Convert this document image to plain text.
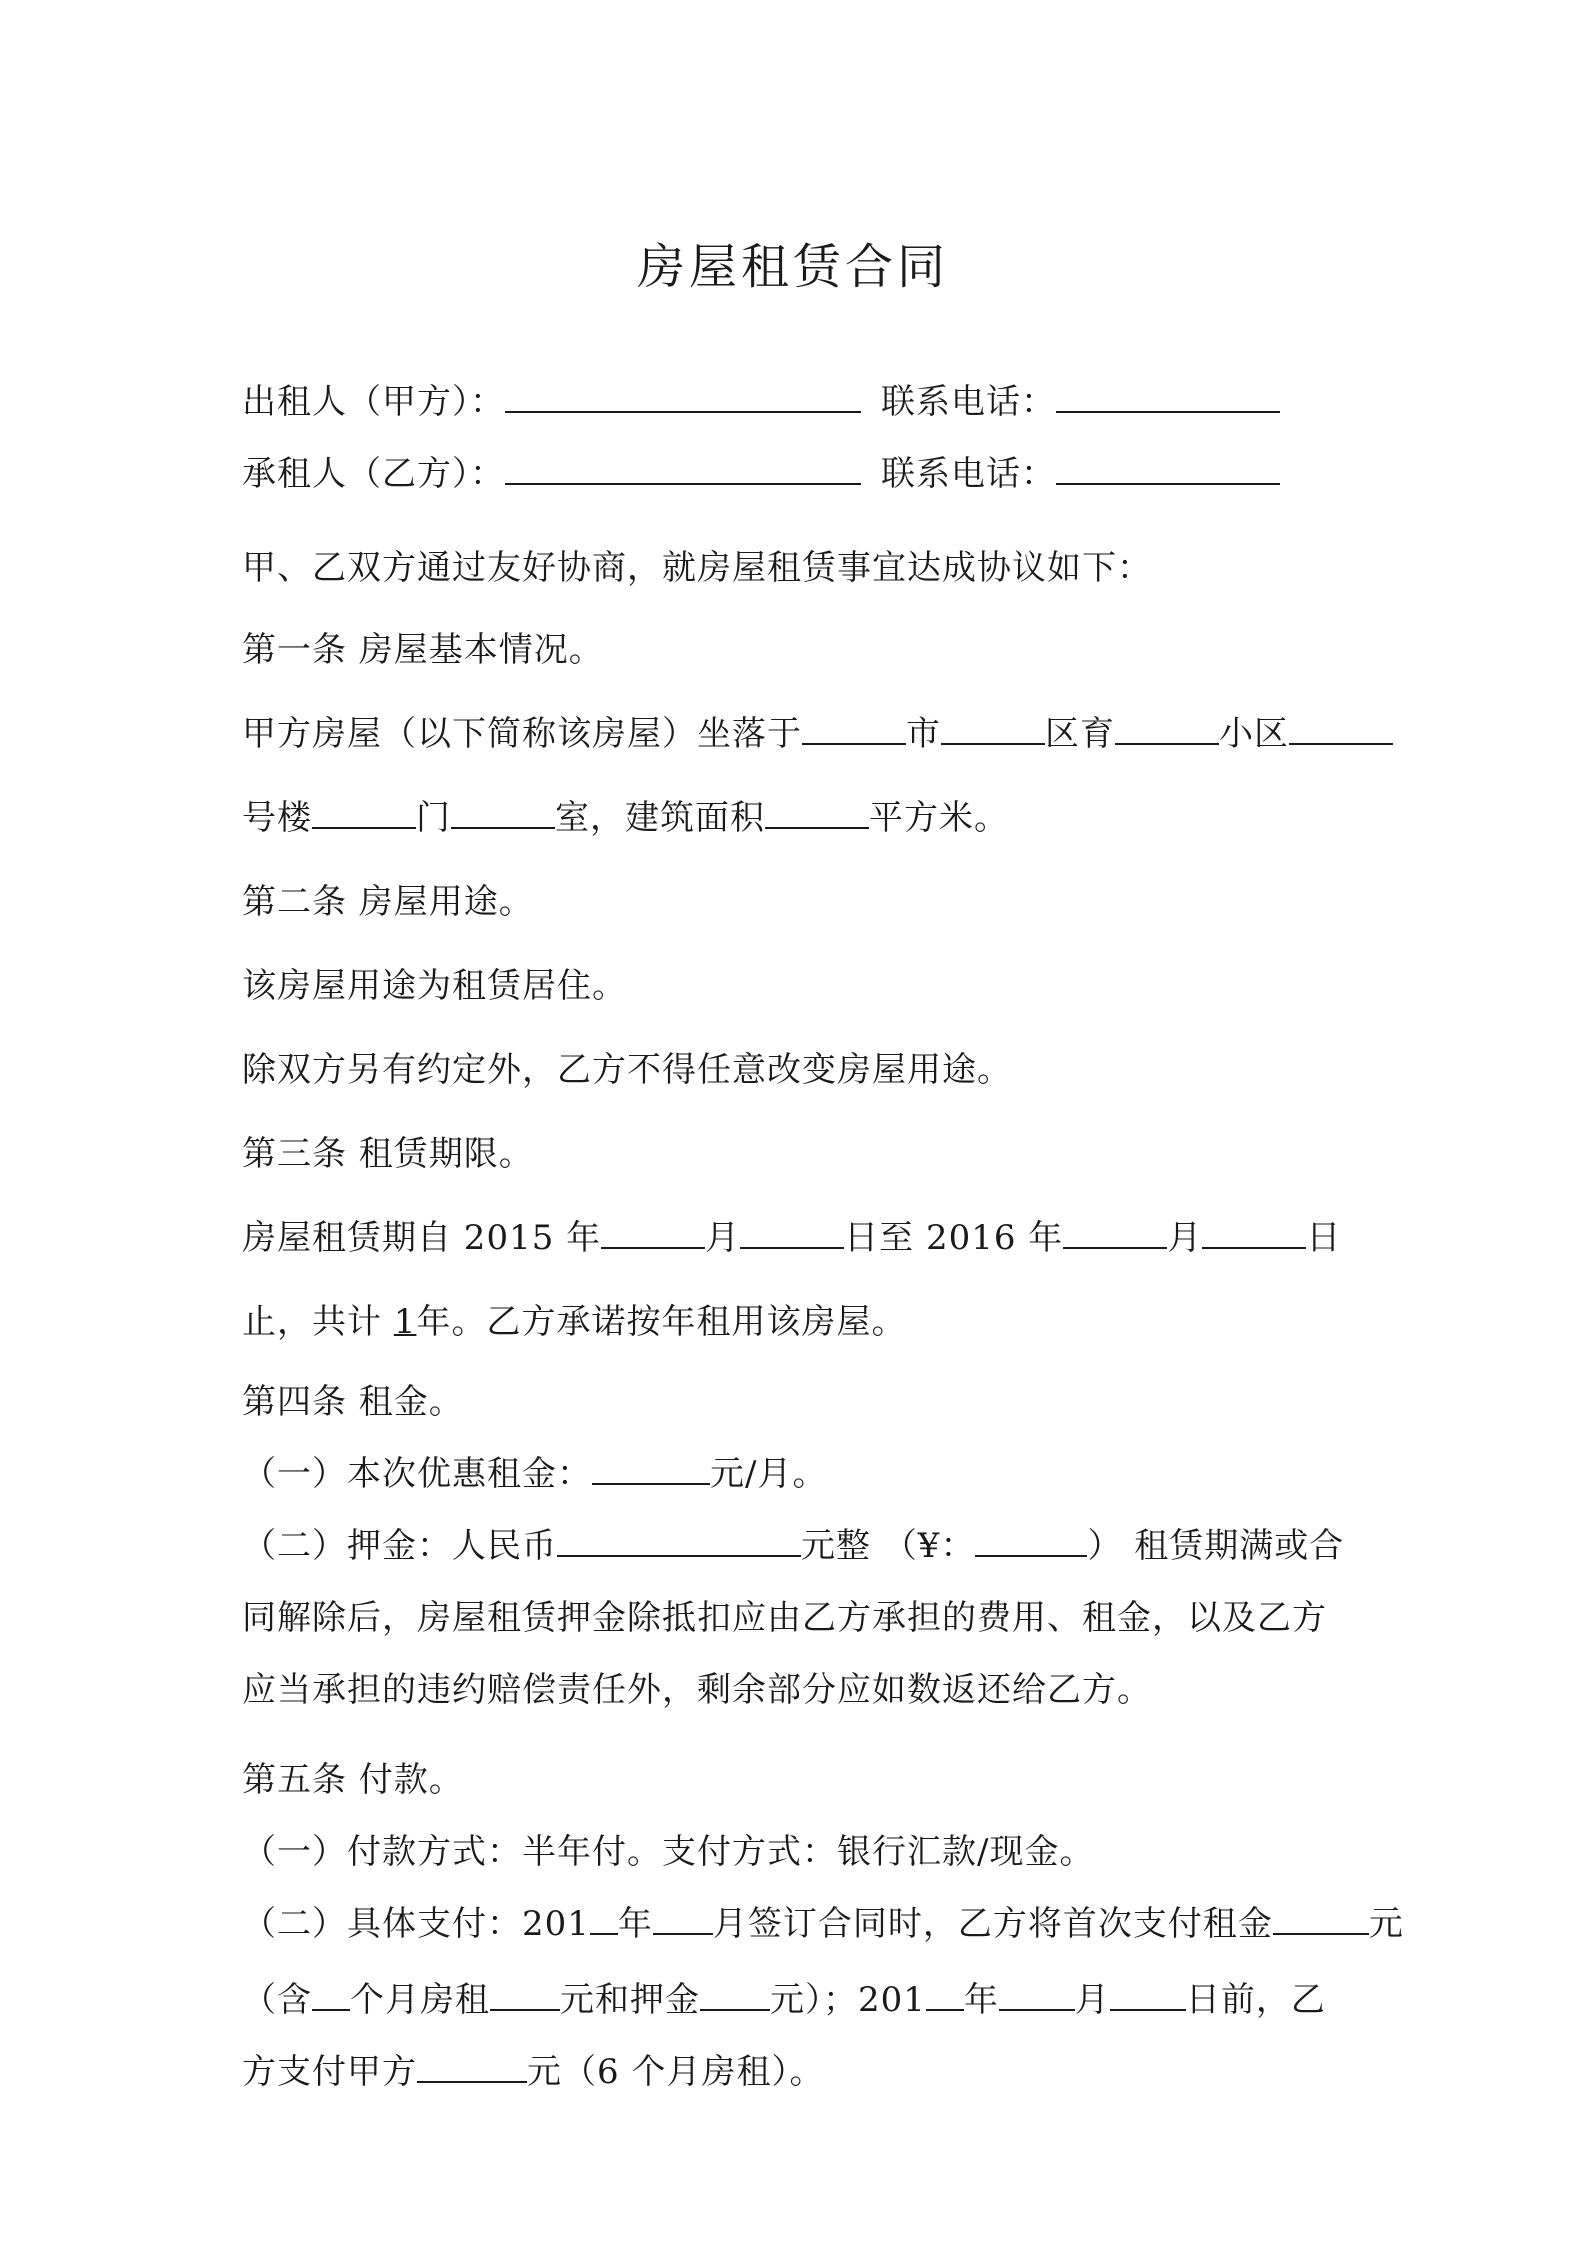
房屋租赁合同
出租人（甲方）：	联系电话：
承租人（乙方）：	联系电话：
甲、乙双方通过友好协商，就房屋租赁事宜达成协议如下：
第一条 房屋基本情况。
甲方房屋（以下简称该房屋）坐落于	市	区育	小区
号楼	门	室，建筑面积	平方米。
第二条 房屋用途。
该房屋用途为租赁居住。
除双方另有约定外，乙方不得任意改变房屋用途。
第三条 租赁期限。
房屋租赁期自 2015 年	月	日至 2016 年	月	日
止，共计 1年。乙方承诺按年租用该房屋。
第四条 租金。
（一）本次优惠租金：	元/月。
（二）押金：人民币	元整 （¥：	） 租赁期满或合
同解除后，房屋租赁押金除抵扣应由乙方承担的费用、租金，以及乙方
应当承担的违约赔偿责任外，剩余部分应如数返还给乙方。
第五条 付款。
（一）付款方式：半年付。支付方式：银行汇款/现金。
（二）具体支付：201 年 月签订合同时，乙方将首次支付租金	元
（含 个月房租 元和押金 元）；201 年 月 日前，乙
方支付甲方	元（6 个月房租）。
